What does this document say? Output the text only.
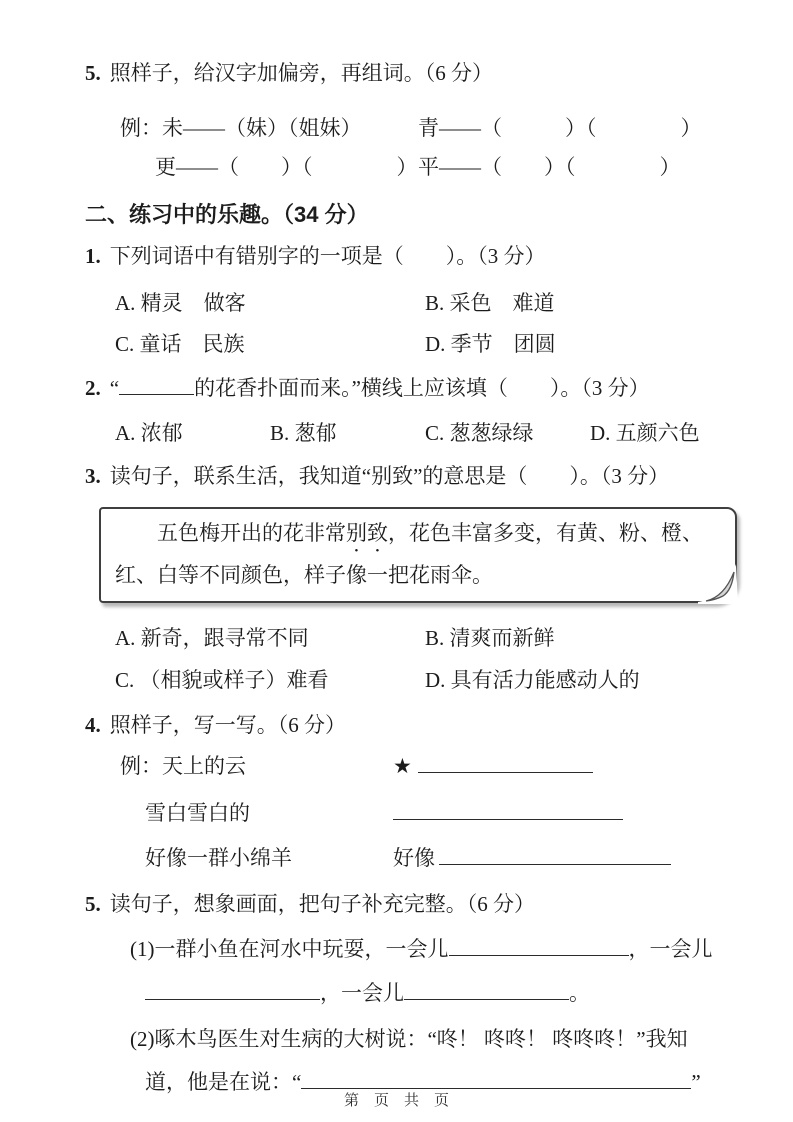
5. 照样子，给汉字加偏旁，再组词。（6 分）
例：未——（妹）（姐妹）	青——（　　　）（　　　　）
更——（　　）（　　　　） 平——（　　）（　　　　）
二、练习中的乐趣。（34 分）
1. 下列词语中有错别字的一项是（　　）。（3 分）
A. 精灵　做客	B. 采色　难道
C. 童话　民族	D. 季节　团圆
2. “	的花香扑面而来。”横线上应该填（　　）。（3 分）
A. 浓郁	B. 葱郁	C. 葱葱绿绿	D. 五颜六色
3. 读句子，联系生活，我知道“别致”的意思是（　　）。（3 分）
五色梅开出的花非常别致，花色丰富多变，有黄、粉、橙、红、白等不同颜色，样子像一把花雨伞。
A. 新奇，跟寻常不同	B. 清爽而新鲜
C. （相貌或样子）难看	D. 具有活力能感动人的
4. 照样子，写一写。（6 分）
例：天上的云	★
雪白雪白的
好像一群小绵羊	好像
5. 读句子，想象画面，把句子补充完整。（6 分）
(1)一群小鱼在河水中玩耍，一会儿	，一会儿
，一会儿	。
(2)啄木鸟医生对生病的大树说：“咚！ 咚咚！ 咚咚咚！”我知
道，他是在说：“	”
第　页　共　页
